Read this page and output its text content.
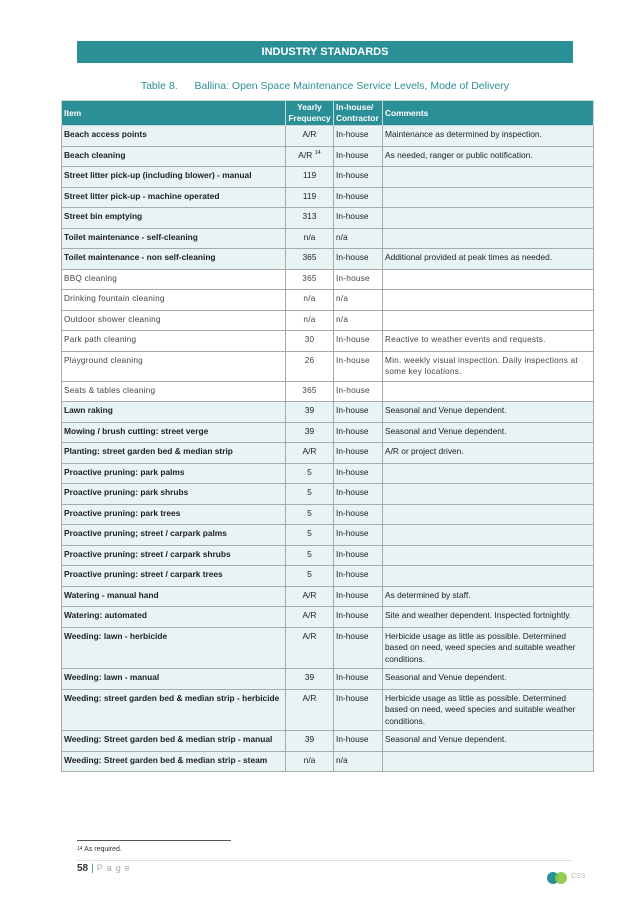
INDUSTRY STANDARDS
Table 8. Ballina: Open Space Maintenance Service Levels, Mode of Delivery
Item	Yearly Frequency	In-house/ Contractor	Comments
Beach access points	A/R	In-house	Maintenance as determined by inspection.
Beach cleaning	A/R $^{14}$	In-house	As needed, ranger or public notification.
Street litter pick-up (including blower) - manual	119	In-house	
Street litter pick-up - machine operated	119	In-house	
Street bin emptying	313	In-house	
Toilet maintenance - self-cleaning	n/a	n/a	
Toilet maintenance - non self-cleaning	365	In-house	Additional provided at peak times as needed.
BBQ cleaning	365	In-house	
Drinking fountain cleaning	n/a	n/a	
Outdoor shower cleaning	n/a	n/a	
Park path cleaning	30	In-house	Reactive to weather events and requests.
Playground cleaning	26	In-house	Min. weekly visual inspection. Daily inspections at some key locations.
Seats & tables cleaning	365	In-house	
Lawn raking	39	In-house	Seasonal and Venue dependent.
Mowing / brush cutting: street verge	39	In-house	Seasonal and Venue dependent.
Planting: street garden bed & median strip	A/R	In-house	A/R or project driven.
Proactive pruning: park palms	5	In-house	
Proactive pruning: park shrubs	5	In-house	
Proactive pruning: park trees	5	In-house	
Proactive pruning; street / carpark palms	5	In-house	
Proactive pruning: street / carpark shrubs	5	In-house	
Proactive pruning: street / carpark trees	5	In-house	
Watering - manual hand	A/R	In-house	As determined by staff.
Watering: automated	A/R	In-house	Site and weather dependent. Inspected fortnightly.
Weeding: lawn - herbicide	A/R	In-house	Herbicide usage as little as possible. Determined based on need, weed species and suitable weather conditions.
Weeding: lawn - manual	39	In-house	Seasonal and Venue dependent.
Weeding: street garden bed & median strip - herbicide	A/R	In-house	Herbicide usage as little as possible. Determined based on need, weed species and suitable weather conditions.
Weeding: Street garden bed & median strip - manual	39	In-house	Seasonal and Venue dependent.
Weeding: Street garden bed & median strip - steam	n/a	n/a	
$^{14}$ As required.
58 | Page
CSS
